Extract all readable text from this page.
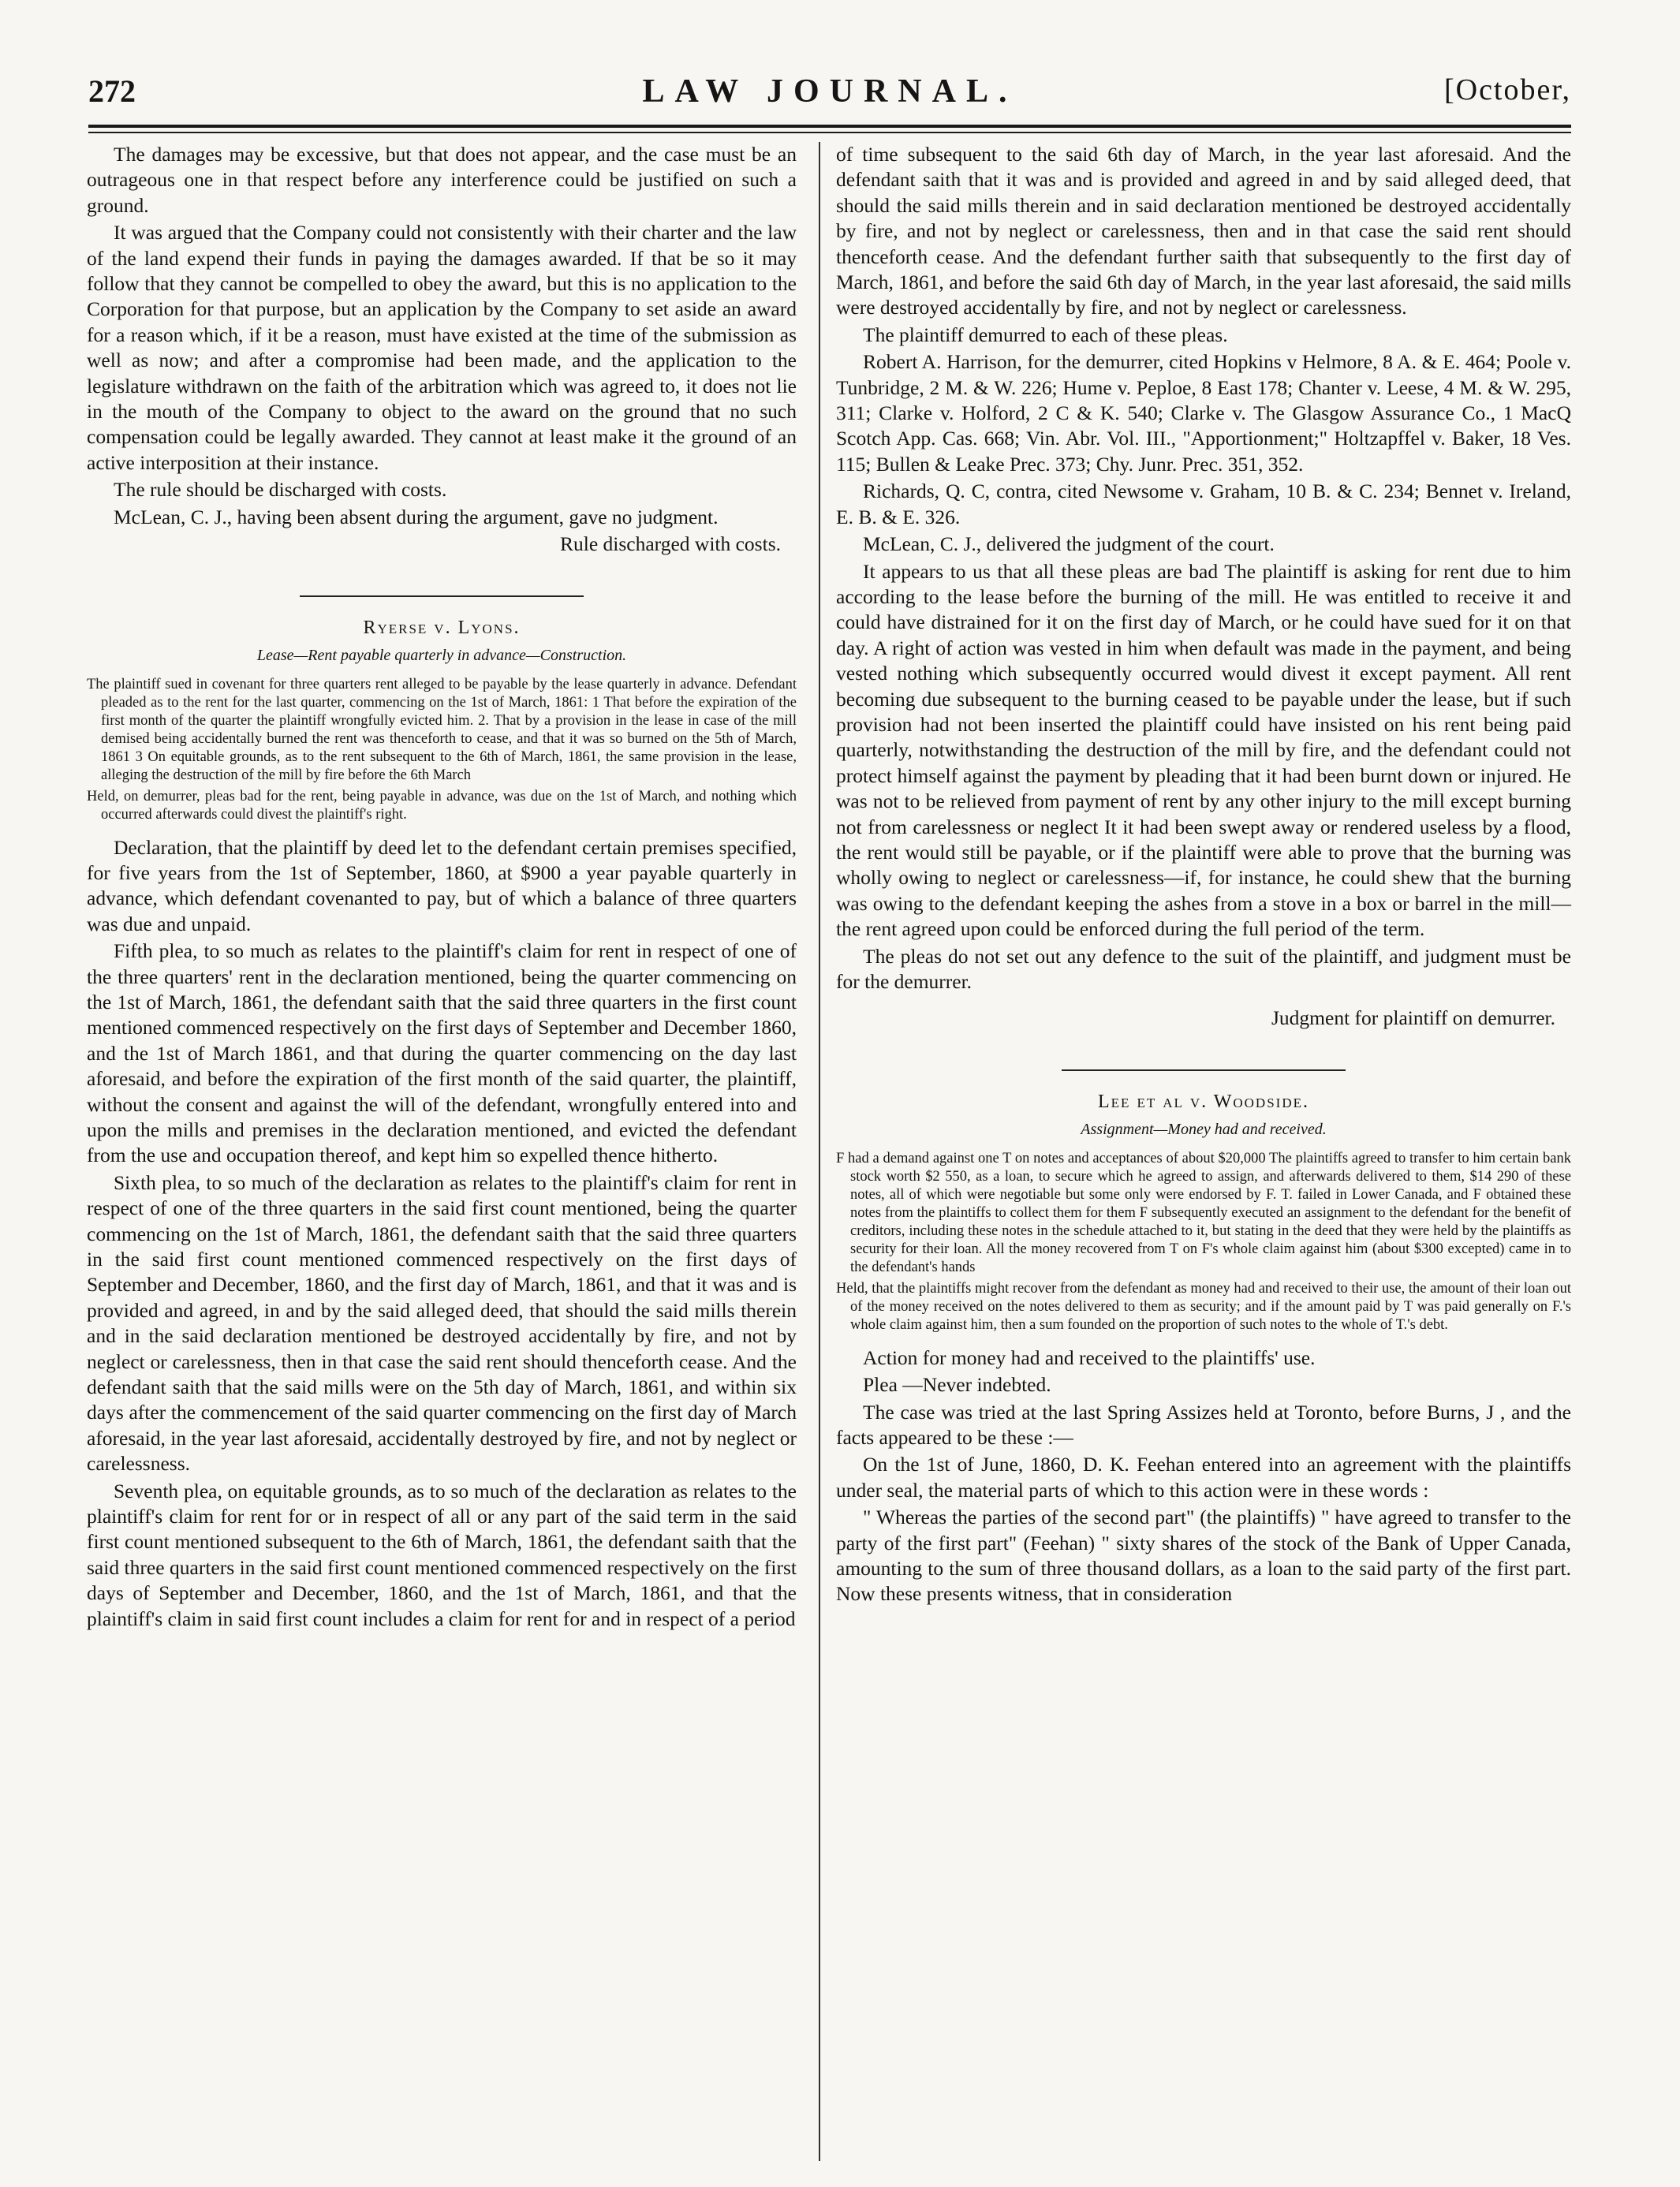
272	LAW JOURNAL.	[October,

The damages may be excessive, but that does not appear, and the case must be an outrageous one in that respect before any interference could be justified on such a ground.

It was argued that the Company could not consistently with their charter and the law of the land expend their funds in paying the damages awarded. If that be so it may follow that they cannot be compelled to obey the award, but this is no application to the Corporation for that purpose, but an application by the Company to set aside an award for a reason which, if it be a reason, must have existed at the time of the submission as well as now; and after a compromise had been made, and the application to the legislature withdrawn on the faith of the arbitration which was agreed to, it does not lie in the mouth of the Company to object to the award on the ground that no such compensation could be legally awarded. They cannot at least make it the ground of an active interposition at their instance.

The rule should be discharged with costs.

McLean, C. J., having been absent during the argument, gave no judgment.

Rule discharged with costs.

Ryerse v. Lyons.
Lease—Rent payable quarterly in advance—Construction.

The plaintiff sued in covenant for three quarters rent alleged to be payable by the lease quarterly in advance. Defendant pleaded as to the rent for the last quarter, commencing on the 1st of March, 1861: 1 That before the expiration of the first month of the quarter the plaintiff wrongfully evicted him. 2. That by a provision in the lease in case of the mill demised being accidentally burned the rent was thenceforth to cease, and that it was so burned on the 5th of March, 1861 3 On equitable grounds, as to the rent subsequent to the 6th of March, 1861, the same provision in the lease, alleging the destruction of the mill by fire before the 6th March

Held, on demurrer, pleas bad for the rent, being payable in advance, was due on the 1st of March, and nothing which occurred afterwards could divest the plaintiff's right.

Declaration, that the plaintiff by deed let to the defendant certain premises specified, for five years from the 1st of September, 1860, at $900 a year payable quarterly in advance, which defendant covenanted to pay, but of which a balance of three quarters was due and unpaid.

Fifth plea, to so much as relates to the plaintiff's claim for rent in respect of one of the three quarters' rent in the declaration mentioned, being the quarter commencing on the 1st of March, 1861, the defendant saith that the said three quarters in the first count mentioned commenced respectively on the first days of September and December 1860, and the 1st of March 1861, and that during the quarter commencing on the day last aforesaid, and before the expiration of the first month of the said quarter, the plaintiff, without the consent and against the will of the defendant, wrongfully entered into and upon the mills and premises in the declaration mentioned, and evicted the defendant from the use and occupation thereof, and kept him so expelled thence hitherto.

Sixth plea, to so much of the declaration as relates to the plaintiff's claim for rent in respect of one of the three quarters in the said first count mentioned, being the quarter commencing on the 1st of March, 1861, the defendant saith that the said three quarters in the said first count mentioned commenced respectively on the first days of September and December, 1860, and the first day of March, 1861, and that it was and is provided and agreed, in and by the said alleged deed, that should the said mills therein and in the said declaration mentioned be destroyed accidentally by fire, and not by neglect or carelessness, then in that case the said rent should thenceforth cease. And the defendant saith that the said mills were on the 5th day of March, 1861, and within six days after the commencement of the said quarter commencing on the first day of March aforesaid, in the year last aforesaid, accidentally destroyed by fire, and not by neglect or carelessness.

Seventh plea, on equitable grounds, as to so much of the declaration as relates to the plaintiff's claim for rent for or in respect of all or any part of the said term in the said first count mentioned subsequent to the 6th of March, 1861, the defendant saith that the said three quarters in the said first count mentioned commenced respectively on the first days of September and December, 1860, and the 1st of March, 1861, and that the plaintiff's claim in said first count includes a claim for rent for and in respect of a period

of time subsequent to the said 6th day of March, in the year last aforesaid. And the defendant saith that it was and is provided and agreed in and by said alleged deed, that should the said mills therein and in said declaration mentioned be destroyed accidentally by fire, and not by neglect or carelessness, then and in that case the said rent should thenceforth cease. And the defendant further saith that subsequently to the first day of March, 1861, and before the said 6th day of March, in the year last aforesaid, the said mills were destroyed accidentally by fire, and not by neglect or carelessness.

The plaintiff demurred to each of these pleas.

Robert A. Harrison, for the demurrer, cited Hopkins v Helmore, 8 A. & E. 464; Poole v. Tunbridge, 2 M. & W. 226; Hume v. Peploe, 8 East 178; Chanter v. Leese, 4 M. & W. 295, 311; Clarke v. Holford, 2 C & K. 540; Clarke v. The Glasgow Assurance Co., 1 MacQ Scotch App. Cas. 668; Vin. Abr. Vol. III., "Apportionment;" Holtzapffel v. Baker, 18 Ves. 115; Bullen & Leake Prec. 373; Chy. Junr. Prec. 351, 352.

Richards, Q. C, contra, cited Newsome v. Graham, 10 B. & C. 234; Bennet v. Ireland, E. B. & E. 326.

McLean, C. J., delivered the judgment of the court.

It appears to us that all these pleas are bad The plaintiff is asking for rent due to him according to the lease before the burning of the mill. He was entitled to receive it and could have distrained for it on the first day of March, or he could have sued for it on that day. A right of action was vested in him when default was made in the payment, and being vested nothing which subsequently occurred would divest it except payment. All rent becoming due subsequent to the burning ceased to be payable under the lease, but if such provision had not been inserted the plaintiff could have insisted on his rent being paid quarterly, notwithstanding the destruction of the mill by fire, and the defendant could not protect himself against the payment by pleading that it had been burnt down or injured. He was not to be relieved from payment of rent by any other injury to the mill except burning not from carelessness or neglect It it had been swept away or rendered useless by a flood, the rent would still be payable, or if the plaintiff were able to prove that the burning was wholly owing to neglect or carelessness—if, for instance, he could shew that the burning was owing to the defendant keeping the ashes from a stove in a box or barrel in the mill—the rent agreed upon could be enforced during the full period of the term.

The pleas do not set out any defence to the suit of the plaintiff, and judgment must be for the demurrer.

Judgment for plaintiff on demurrer.

Lee et al v. Woodside.
Assignment—Money had and received.

F had a demand against one T on notes and acceptances of about $20,000 The plaintiffs agreed to transfer to him certain bank stock worth $2 550, as a loan, to secure which he agreed to assign, and afterwards delivered to them, $14 290 of these notes, all of which were negotiable but some only were endorsed by F. T. failed in Lower Canada, and F obtained these notes from the plaintiffs to collect them for them F subsequently executed an assignment to the defendant for the benefit of creditors, including these notes in the schedule attached to it, but stating in the deed that they were held by the plaintiffs as security for their loan. All the money recovered from T on F's whole claim against him (about $300 excepted) came in to the defendant's hands

Held, that the plaintiffs might recover from the defendant as money had and received to their use, the amount of their loan out of the money received on the notes delivered to them as security; and if the amount paid by T was paid generally on F.'s whole claim against him, then a sum founded on the proportion of such notes to the whole of T.'s debt.

Action for money had and received to the plaintiffs' use.

Plea —Never indebted.

The case was tried at the last Spring Assizes held at Toronto, before Burns, J , and the facts appeared to be these :—

On the 1st of June, 1860, D. K. Feehan entered into an agreement with the plaintiffs under seal, the material parts of which to this action were in these words :

" Whereas the parties of the second part" (the plaintiffs) " have agreed to transfer to the party of the first part" (Feehan) " sixty shares of the stock of the Bank of Upper Canada, amounting to the sum of three thousand dollars, as a loan to the said party of the first part. Now these presents witness, that in consideration
